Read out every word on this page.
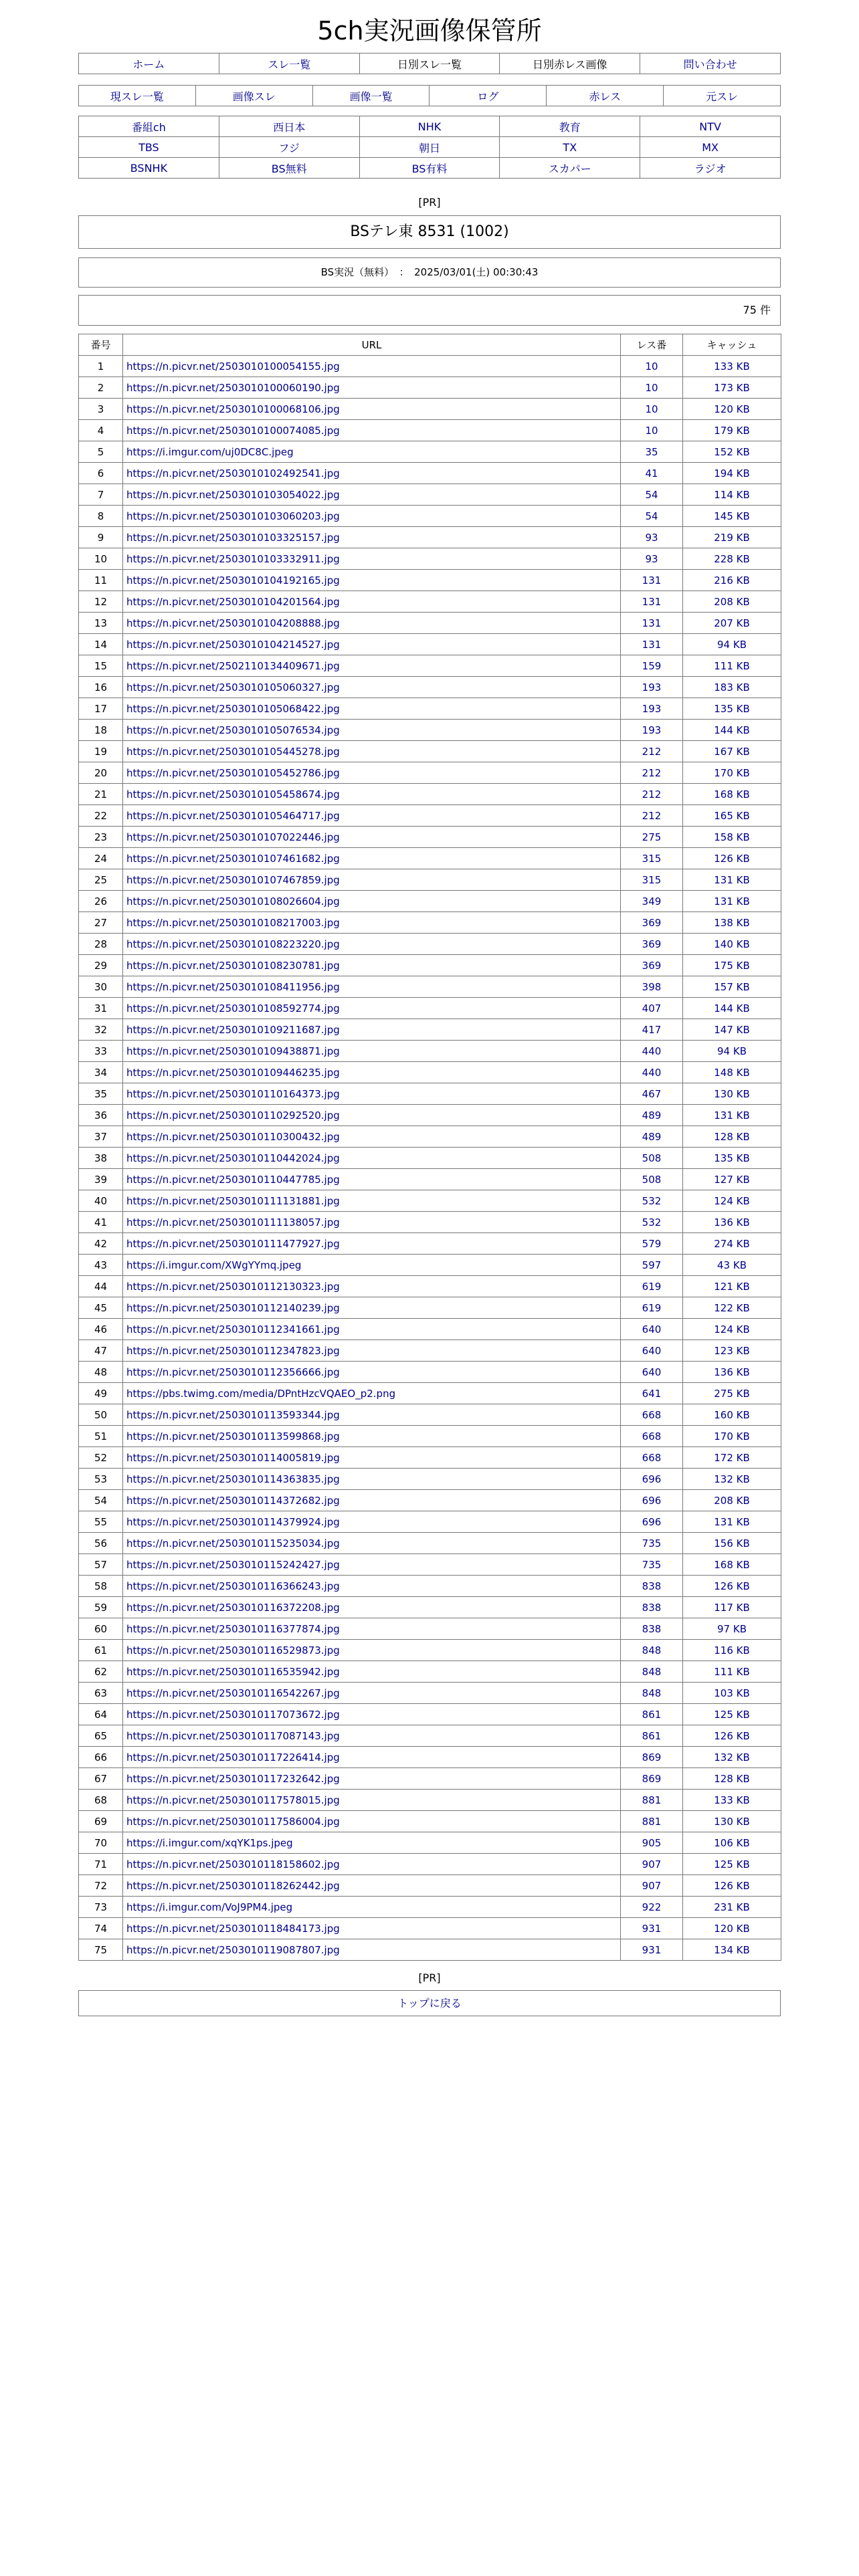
5ch実況画像保管所
ホーム	スレ一覧	日別スレ一覧	日別赤レス画像	問い合わせ
現スレ一覧	画像スレ	画像一覧	ログ	赤レス	元スレ
番組ch	西日本	NHK	教育	NTV
TBS	フジ	朝日	TX	MX
BSNHK	BS無料	BS有料	スカパー	ラジオ
[PR]
BSテレ東 8531 (1002)
BS実況（無料）　：　2025/03/01(土) 00:30:43
75 件
番号	URL	レス番	キャッシュ
1	https://n.picvr.net/2503010100054155.jpg	10	133 KB
2	https://n.picvr.net/2503010100060190.jpg	10	173 KB
3	https://n.picvr.net/2503010100068106.jpg	10	120 KB
4	https://n.picvr.net/2503010100074085.jpg	10	179 KB
5	https://i.imgur.com/uj0DC8C.jpeg	35	152 KB
6	https://n.picvr.net/2503010102492541.jpg	41	194 KB
7	https://n.picvr.net/2503010103054022.jpg	54	114 KB
8	https://n.picvr.net/2503010103060203.jpg	54	145 KB
9	https://n.picvr.net/2503010103325157.jpg	93	219 KB
10	https://n.picvr.net/2503010103332911.jpg	93	228 KB
11	https://n.picvr.net/2503010104192165.jpg	131	216 KB
12	https://n.picvr.net/2503010104201564.jpg	131	208 KB
13	https://n.picvr.net/2503010104208888.jpg	131	207 KB
14	https://n.picvr.net/2503010104214527.jpg	131	94 KB
15	https://n.picvr.net/2502110134409671.jpg	159	111 KB
16	https://n.picvr.net/2503010105060327.jpg	193	183 KB
17	https://n.picvr.net/2503010105068422.jpg	193	135 KB
18	https://n.picvr.net/2503010105076534.jpg	193	144 KB
19	https://n.picvr.net/2503010105445278.jpg	212	167 KB
20	https://n.picvr.net/2503010105452786.jpg	212	170 KB
21	https://n.picvr.net/2503010105458674.jpg	212	168 KB
22	https://n.picvr.net/2503010105464717.jpg	212	165 KB
23	https://n.picvr.net/2503010107022446.jpg	275	158 KB
24	https://n.picvr.net/2503010107461682.jpg	315	126 KB
25	https://n.picvr.net/2503010107467859.jpg	315	131 KB
26	https://n.picvr.net/2503010108026604.jpg	349	131 KB
27	https://n.picvr.net/2503010108217003.jpg	369	138 KB
28	https://n.picvr.net/2503010108223220.jpg	369	140 KB
29	https://n.picvr.net/2503010108230781.jpg	369	175 KB
30	https://n.picvr.net/2503010108411956.jpg	398	157 KB
31	https://n.picvr.net/2503010108592774.jpg	407	144 KB
32	https://n.picvr.net/2503010109211687.jpg	417	147 KB
33	https://n.picvr.net/2503010109438871.jpg	440	94 KB
34	https://n.picvr.net/2503010109446235.jpg	440	148 KB
35	https://n.picvr.net/2503010110164373.jpg	467	130 KB
36	https://n.picvr.net/2503010110292520.jpg	489	131 KB
37	https://n.picvr.net/2503010110300432.jpg	489	128 KB
38	https://n.picvr.net/2503010110442024.jpg	508	135 KB
39	https://n.picvr.net/2503010110447785.jpg	508	127 KB
40	https://n.picvr.net/2503010111131881.jpg	532	124 KB
41	https://n.picvr.net/2503010111138057.jpg	532	136 KB
42	https://n.picvr.net/2503010111477927.jpg	579	274 KB
43	https://i.imgur.com/XWgYYmq.jpeg	597	43 KB
44	https://n.picvr.net/2503010112130323.jpg	619	121 KB
45	https://n.picvr.net/2503010112140239.jpg	619	122 KB
46	https://n.picvr.net/2503010112341661.jpg	640	124 KB
47	https://n.picvr.net/2503010112347823.jpg	640	123 KB
48	https://n.picvr.net/2503010112356666.jpg	640	136 KB
49	https://pbs.twimg.com/media/DPntHzcVQAEO_p2.png	641	275 KB
50	https://n.picvr.net/2503010113593344.jpg	668	160 KB
51	https://n.picvr.net/2503010113599868.jpg	668	170 KB
52	https://n.picvr.net/2503010114005819.jpg	668	172 KB
53	https://n.picvr.net/2503010114363835.jpg	696	132 KB
54	https://n.picvr.net/2503010114372682.jpg	696	208 KB
55	https://n.picvr.net/2503010114379924.jpg	696	131 KB
56	https://n.picvr.net/2503010115235034.jpg	735	156 KB
57	https://n.picvr.net/2503010115242427.jpg	735	168 KB
58	https://n.picvr.net/2503010116366243.jpg	838	126 KB
59	https://n.picvr.net/2503010116372208.jpg	838	117 KB
60	https://n.picvr.net/2503010116377874.jpg	838	97 KB
61	https://n.picvr.net/2503010116529873.jpg	848	116 KB
62	https://n.picvr.net/2503010116535942.jpg	848	111 KB
63	https://n.picvr.net/2503010116542267.jpg	848	103 KB
64	https://n.picvr.net/2503010117073672.jpg	861	125 KB
65	https://n.picvr.net/2503010117087143.jpg	861	126 KB
66	https://n.picvr.net/2503010117226414.jpg	869	132 KB
67	https://n.picvr.net/2503010117232642.jpg	869	128 KB
68	https://n.picvr.net/2503010117578015.jpg	881	133 KB
69	https://n.picvr.net/2503010117586004.jpg	881	130 KB
70	https://i.imgur.com/xqYK1ps.jpeg	905	106 KB
71	https://n.picvr.net/2503010118158602.jpg	907	125 KB
72	https://n.picvr.net/2503010118262442.jpg	907	126 KB
73	https://i.imgur.com/VoJ9PM4.jpeg	922	231 KB
74	https://n.picvr.net/2503010118484173.jpg	931	120 KB
75	https://n.picvr.net/2503010119087807.jpg	931	134 KB
[PR]
トップに戻る
